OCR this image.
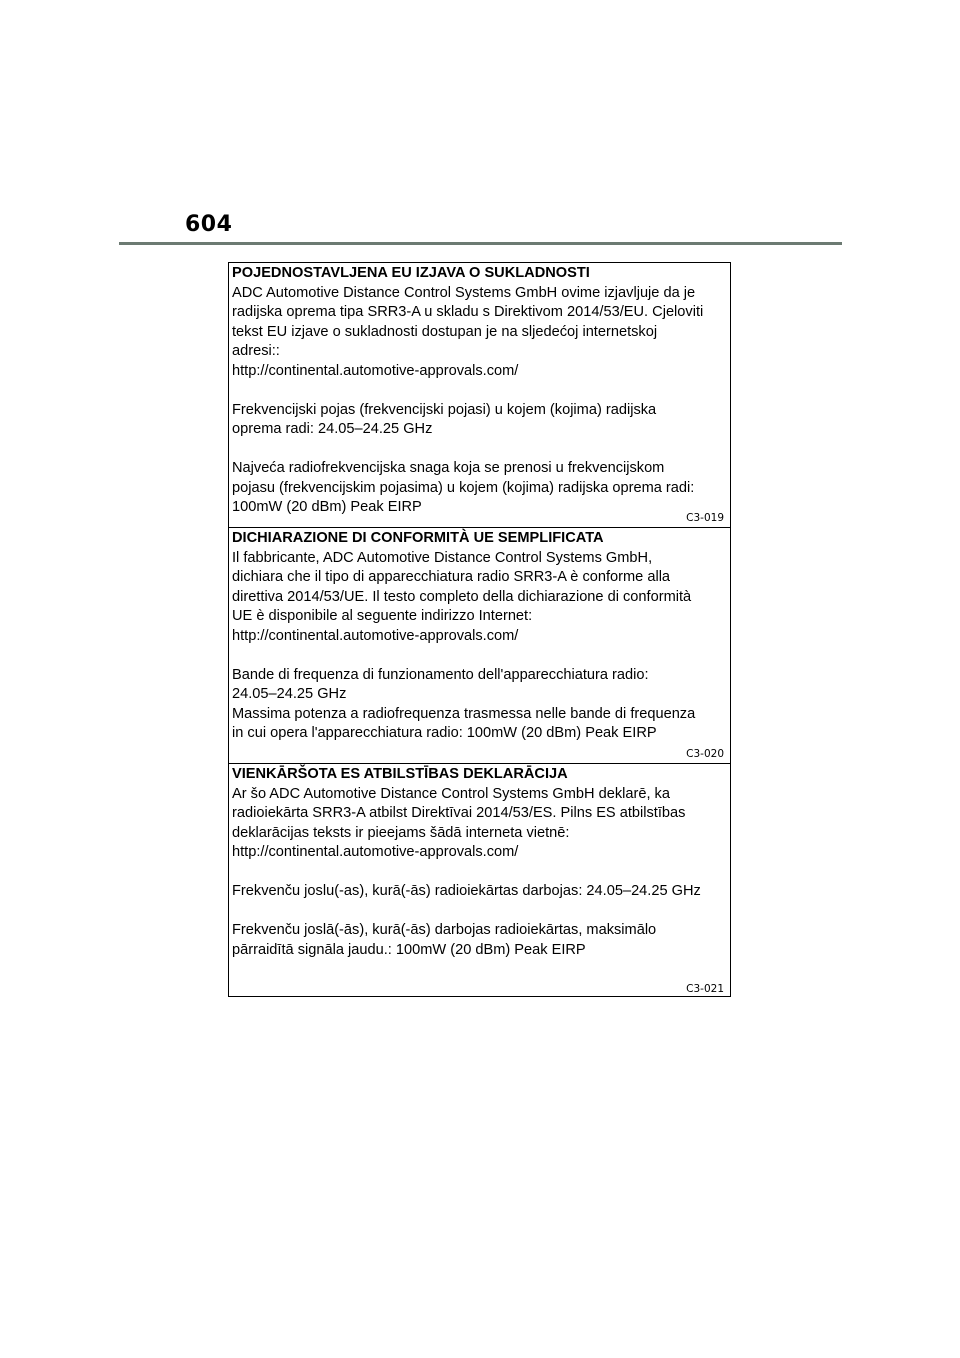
604

POJEDNOSTAVLJENA EU IZJAVA O SUKLADNOSTI

ADC Automotive Distance Control Systems GmbH ovime izjavljuje da je

radijska oprema tipa SRR3-A u skladu s Direktivom 2014/53/EU. Cjeloviti

tekst EU izjave o sukladnosti dostupan je na sljedećoj internetskoj

adresi::

http://continental.automotive-approvals.com/

Frekvencijski pojas (frekvencijski pojasi) u kojem (kojima) radijska

oprema radi: 24.05–24.25 GHz

Najveća radiofrekvencijska snaga koja se prenosi u frekvencijskom

pojasu (frekvencijskim pojasima) u kojem (kojima) radijska oprema radi:

100mW (20 dBm) Peak EIRP

C3-019

DICHIARAZIONE DI CONFORMITÀ UE SEMPLIFICATA

Il fabbricante, ADC Automotive Distance Control Systems GmbH,

dichiara che il tipo di apparecchiatura radio SRR3-A è conforme alla

direttiva 2014/53/UE. Il testo completo della dichiarazione di conformità

UE è disponibile al seguente indirizzo Internet:

http://continental.automotive-approvals.com/

Bande di frequenza di funzionamento dell'apparecchiatura radio:

24.05–24.25 GHz

Massima potenza a radiofrequenza trasmessa nelle bande di frequenza

in cui opera l'apparecchiatura radio: 100mW (20 dBm) Peak EIRP

C3-020

VIENKĀRŠOTA ES ATBILSTĪBAS DEKLARĀCIJA

Ar šo ADC Automotive Distance Control Systems GmbH deklarē, ka

radioiekārta SRR3-A atbilst Direktīvai 2014/53/ES. Pilns ES atbilstības

deklarācijas teksts ir pieejams šādā interneta vietnē:

http://continental.automotive-approvals.com/

Frekvenču joslu(-as), kurā(-ās) radioiekārtas darbojas: 24.05–24.25 GHz

Frekvenču joslā(-ās), kurā(-ās) darbojas radioiekārtas, maksimālo

pārraidītā signāla jaudu.: 100mW (20 dBm) Peak EIRP

C3-021
